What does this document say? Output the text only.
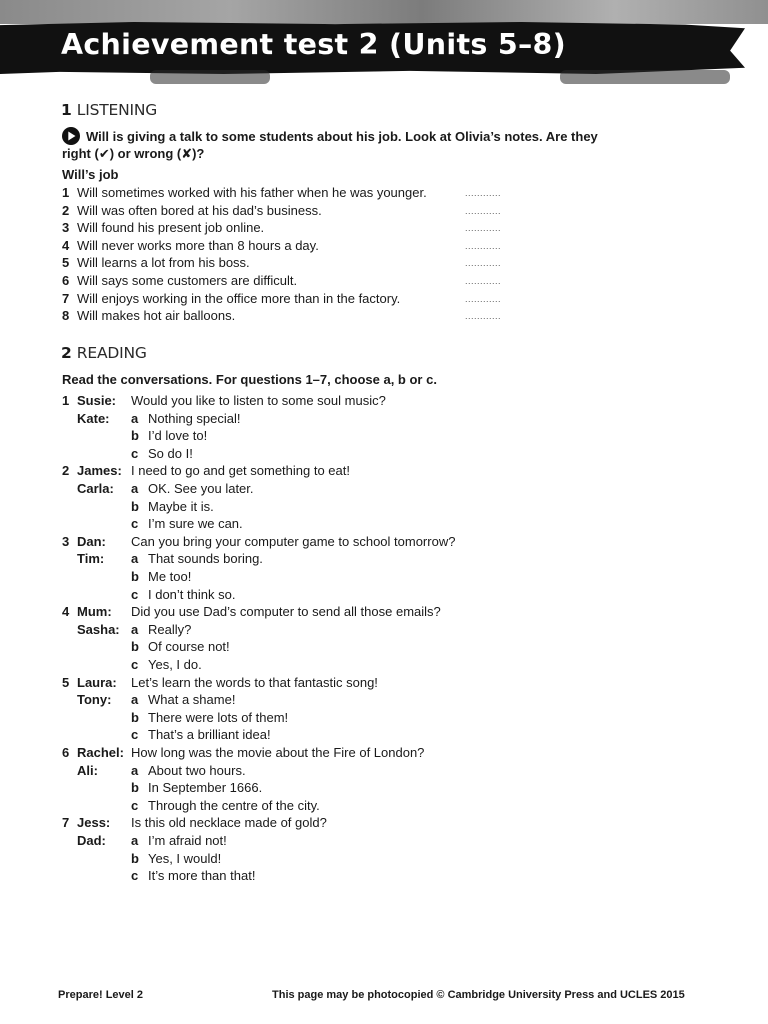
Achievement test 2 (Units 5–8)
1 LISTENING
Will is giving a talk to some students about his job. Look at Olivia’s notes. Are they
right (✔) or wrong (✘)?
Will’s job
1 Will sometimes worked with his father when he was younger.	............
2 Will was often bored at his dad’s business.	............
3 Will found his present job online.	............
4 Will never works more than 8 hours a day.	............
5 Will learns a lot from his boss.	............
6 Will says some customers are difficult.	............
7 Will enjoys working in the office more than in the factory.	............
8 Will makes hot air balloons.	............
2 READING
Read the conversations. For questions 1–7, choose a, b or c.
1 Susie: Would you like to listen to some soul music?
Kate: a Nothing special!
b I’d love to!
c So do I!
2 James: I need to go and get something to eat!
Carla: a OK. See you later.
b Maybe it is.
c I’m sure we can.
3 Dan: Can you bring your computer game to school tomorrow?
Tim: a That sounds boring.
b Me too!
c I don’t think so.
4 Mum: Did you use Dad’s computer to send all those emails?
Sasha: a Really?
b Of course not!
c Yes, I do.
5 Laura: Let’s learn the words to that fantastic song!
Tony: a What a shame!
b There were lots of them!
c That’s a brilliant idea!
6 Rachel: How long was the movie about the Fire of London?
Ali:	a About two hours.
b In September 1666.
c Through the centre of the city.
7 Jess: Is this old necklace made of gold?
Dad: a I’m afraid not!
b Yes, I would!
c It’s more than that!
Prepare! Level 2	This page may be photocopied © Cambridge University Press and UCLES 2015
